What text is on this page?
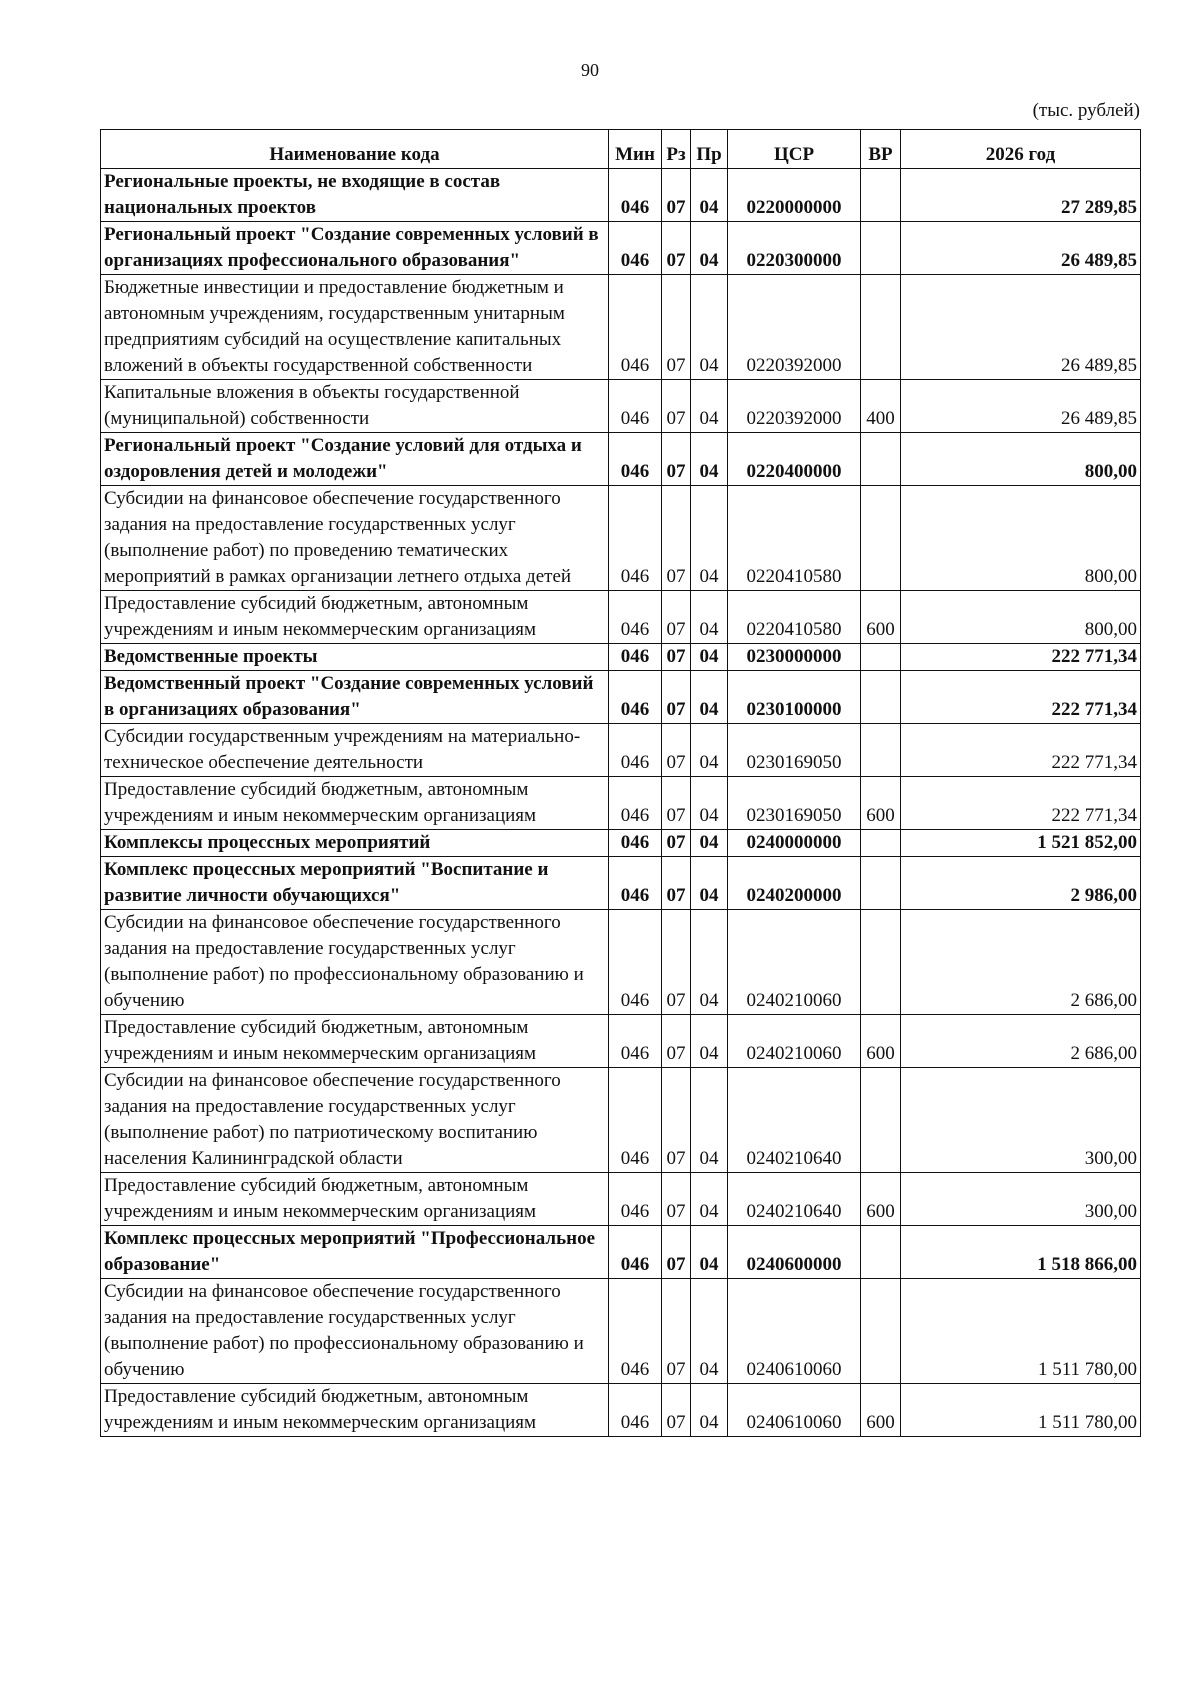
90
(тыс. рублей)
Наименование кода	Мин	Рз	Пр	ЦСР	ВР	2026 год
Региональные проекты, не входящие в состав национальных проектов	046	07	04	0220000000		27 289,85
Региональный проект "Создание современных условий в организациях профессионального образования"	046	07	04	0220300000		26 489,85
Бюджетные инвестиции и предоставление бюджетным и автономным учреждениям, государственным унитарным предприятиям субсидий на осуществление капитальных вложений в объекты государственной собственности	046	07	04	0220392000		26 489,85
Капитальные вложения в объекты государственной (муниципальной) собственности	046	07	04	0220392000	400	26 489,85
Региональный проект "Создание условий для отдыха и оздоровления детей и молодежи"	046	07	04	0220400000		800,00
Субсидии на финансовое обеспечение государственного задания на предоставление государственных услуг (выполнение работ) по проведению тематических мероприятий в рамках организации летнего отдыха детей	046	07	04	0220410580		800,00
Предоставление субсидий бюджетным, автономным учреждениям и иным некоммерческим организациям	046	07	04	0220410580	600	800,00
Ведомственные проекты	046	07	04	0230000000		222 771,34
Ведомственный проект "Создание современных условий в организациях образования"	046	07	04	0230100000		222 771,34
Субсидии государственным учреждениям на материально-техническое обеспечение деятельности	046	07	04	0230169050		222 771,34
Предоставление субсидий бюджетным, автономным учреждениям и иным некоммерческим организациям	046	07	04	0230169050	600	222 771,34
Комплексы процессных мероприятий	046	07	04	0240000000		1 521 852,00
Комплекс процессных мероприятий "Воспитание и развитие личности обучающихся"	046	07	04	0240200000		2 986,00
Субсидии на финансовое обеспечение государственного задания на предоставление государственных услуг (выполнение работ) по профессиональному образованию и обучению	046	07	04	0240210060		2 686,00
Предоставление субсидий бюджетным, автономным учреждениям и иным некоммерческим организациям	046	07	04	0240210060	600	2 686,00
Субсидии на финансовое обеспечение государственного задания на предоставление государственных услуг (выполнение работ) по патриотическому воспитанию населения Калининградской области	046	07	04	0240210640		300,00
Предоставление субсидий бюджетным, автономным учреждениям и иным некоммерческим организациям	046	07	04	0240210640	600	300,00
Комплекс процессных мероприятий "Профессиональное образование"	046	07	04	0240600000		1 518 866,00
Субсидии на финансовое обеспечение государственного задания на предоставление государственных услуг (выполнение работ) по профессиональному образованию и обучению	046	07	04	0240610060		1 511 780,00
Предоставление субсидий бюджетным, автономным учреждениям и иным некоммерческим организациям	046	07	04	0240610060	600	1 511 780,00
